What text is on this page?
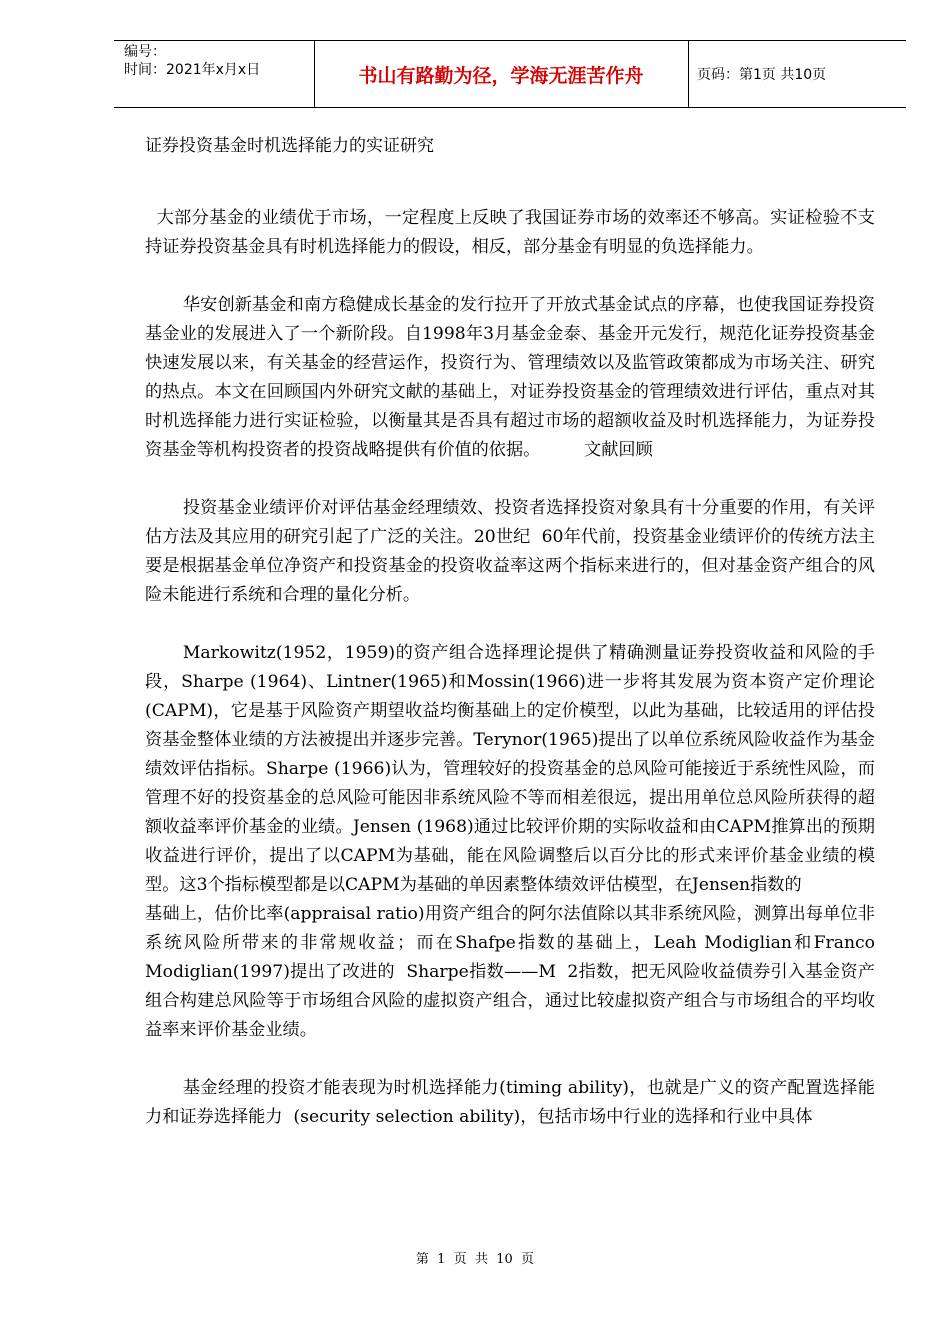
编号：
时间：2021年x月x日	书山有路勤为径，学海无涯苦作舟	页码：第1页 共10页

证券投资基金时机选择能力的实证研究

大部分基金的业绩优于市场，一定程度上反映了我国证券市场的效率还不够高。实证检验不支持证券投资基金具有时机选择能力的假设，相反，部分基金有明显的负选择能力。

华安创新基金和南方稳健成长基金的发行拉开了开放式基金试点的序幕，也使我国证券投资基金业的发展进入了一个新阶段。自1998年3月基金金泰、基金开元发行，规范化证券投资基金快速发展以来，有关基金的经营运作，投资行为、管理绩效以及监管政策都成为市场关注、研究的热点。本文在回顾国内外研究文献的基础上，对证券投资基金的管理绩效进行评估，重点对其时机选择能力进行实证检验，以衡量其是否具有超过市场的超额收益及时机选择能力，为证券投资基金等机构投资者的投资战略提供有价值的依据。        文献回顾

投资基金业绩评价对评估基金经理绩效、投资者选择投资对象具有十分重要的作用，有关评估方法及其应用的研究引起了广泛的关注。20世纪  60年代前，投资基金业绩评价的传统方法主要是根据基金单位净资产和投资基金的投资收益率这两个指标来进行的，但对基金资产组合的风险未能进行系统和合理的量化分析。

Markowitz(1952，1959)的资产组合选择理论提供了精确测量证券投资收益和风险的手段，Sharpe (1964)、Lintner(1965)和Mossin(1966)进一步将其发展为资本资产定价理论(CAPM)，它是基于风险资产期望收益均衡基础上的定价模型，以此为基础，比较适用的评估投资基金整体业绩的方法被提出并逐步完善。Terynor(1965)提出了以单位系统风险收益作为基金绩效评估指标。Sharpe (1966)认为，管理较好的投资基金的总风险可能接近于系统性风险，而管理不好的投资基金的总风险可能因非系统风险不等而相差很远，提出用单位总风险所获得的超额收益率评价基金的业绩。Jensen (1968)通过比较评价期的实际收益和由CAPM推算出的预期收益进行评价，提出了以CAPM为基础，能在风险调整后以百分比的形式来评价基金业绩的模型。这3个指标模型都是以CAPM为基础的单因素整体绩效评估模型，在Jensen指数的

基础上，估价比率(appraisal ratio)用资产组合的阿尔法值除以其非系统风险，测算出每单位非系统风险所带来的非常规收益；而在Shafpe指数的基础上，Leah Modiglian和Franco Modiglian(1997)提出了改进的  Sharpe指数——M  2指数，把无风险收益债券引入基金资产组合构建总风险等于市场组合风险的虚拟资产组合，通过比较虚拟资产组合与市场组合的平均收益率来评价基金业绩。

基金经理的投资才能表现为时机选择能力(timing ability)，也就是广义的资产配置选择能力和证券选择能力  (security selection ability)，包括市场中行业的选择和行业中具体

第  1  页  共  10  页
